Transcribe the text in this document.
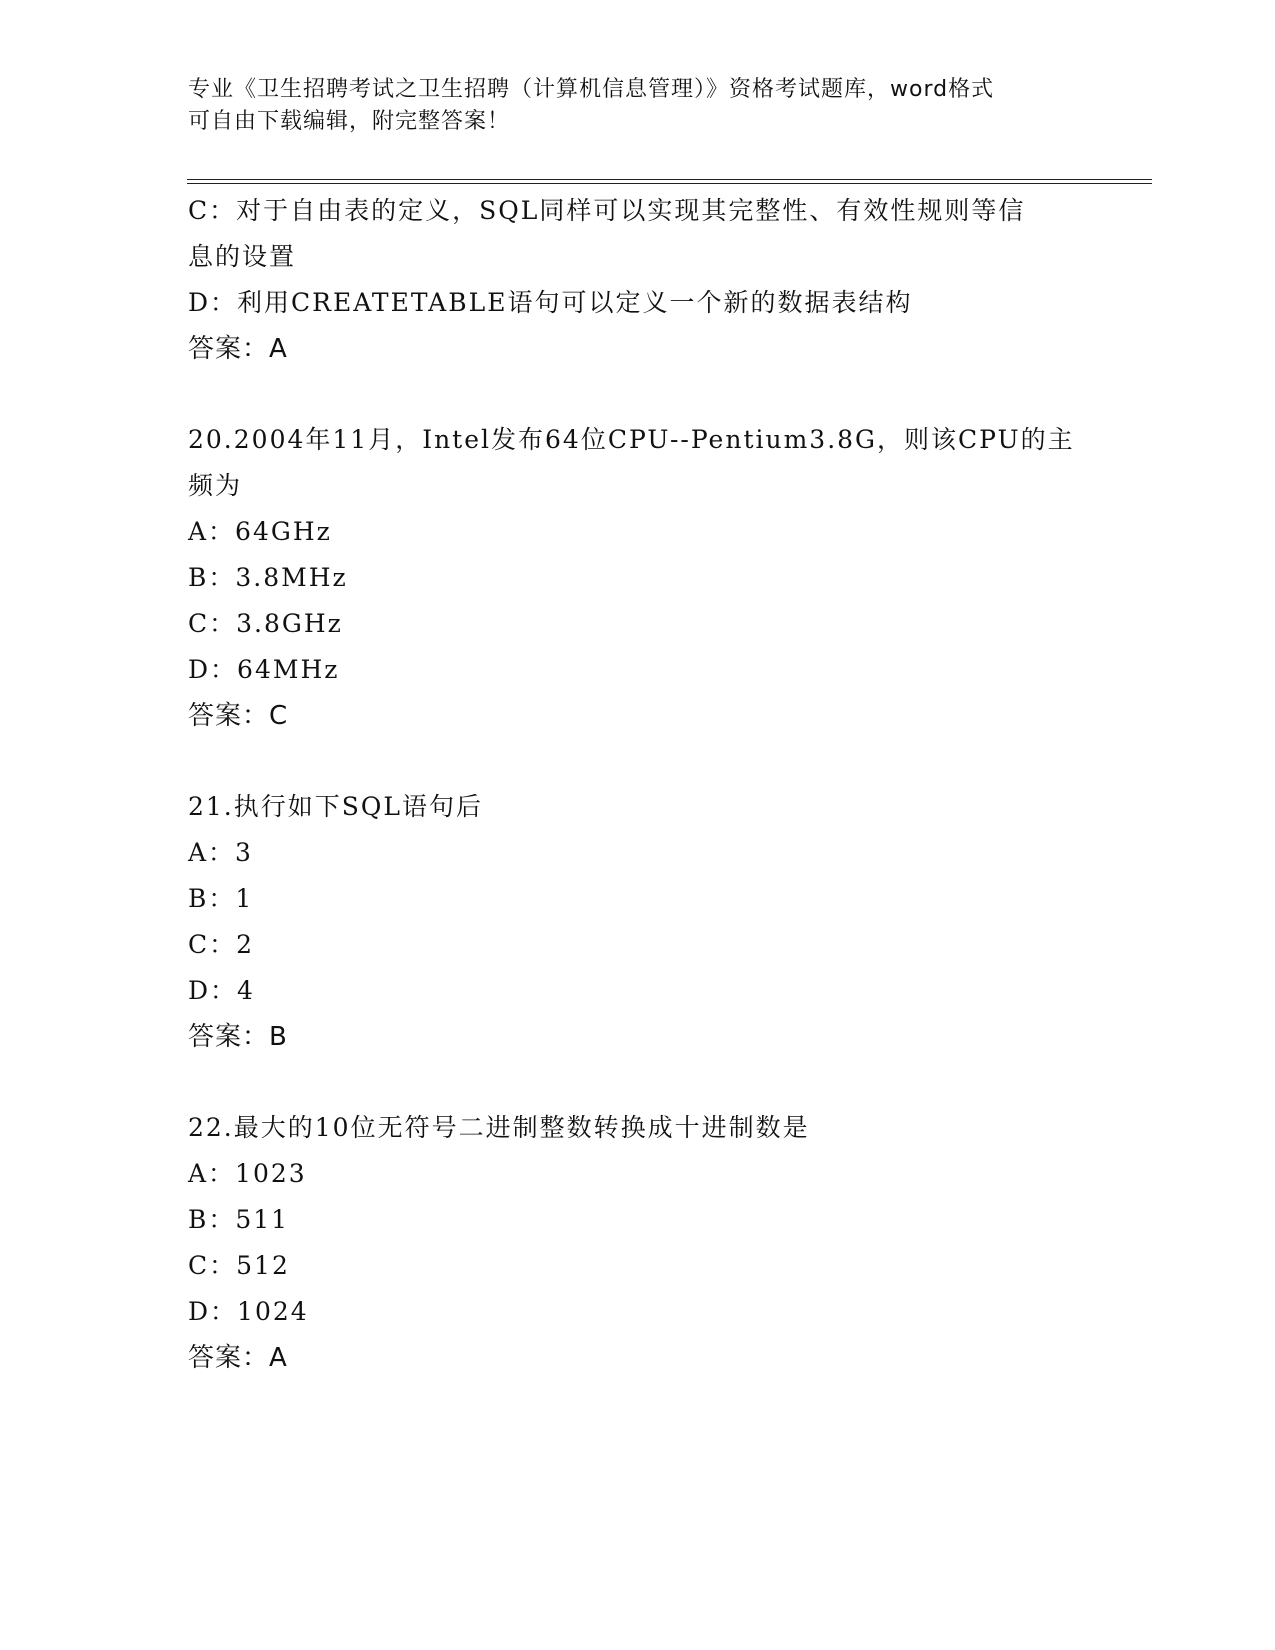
专业《卫生招聘考试之卫生招聘（计算机信息管理）》资格考试题库，word格式
可自由下载编辑，附完整答案！
C：对于自由表的定义，SQL同样可以实现其完整性、有效性规则等信
息的设置
D：利用CREATETABLE语句可以定义一个新的数据表结构
答案：A
20.2004年11月，Intel发布64位CPU--Pentium3.8G，则该CPU的主
频为
A：64GHz
B：3.8MHz
C：3.8GHz
D：64MHz
答案：C
21.执行如下SQL语句后
A：3
B：1
C：2
D：4
答案：B
22.最大的10位无符号二进制整数转换成十进制数是
A：1023
B：511
C：512
D：1024
答案：A
